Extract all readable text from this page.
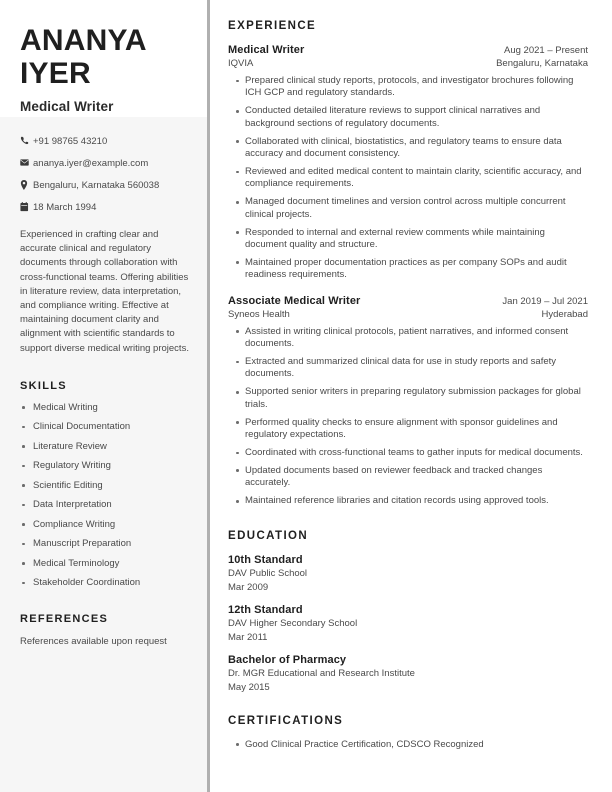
ANANYA
IYER
Medical Writer
+91 98765 43210
ananya.iyer@example.com
Bengaluru, Karnataka 560038
18 March 1994
Experienced in crafting clear and accurate clinical and regulatory documents through collaboration with cross-functional teams. Offering abilities in literature review, data interpretation, and compliance writing. Effective at maintaining document clarity and alignment with scientific standards to support diverse medical writing projects.
SKILLS
Medical Writing
Clinical Documentation
Literature Review
Regulatory Writing
Scientific Editing
Data Interpretation
Compliance Writing
Manuscript Preparation
Medical Terminology
Stakeholder Coordination
REFERENCES
References available upon request
EXPERIENCE
Medical Writer	Aug 2021 – Present
IQVIA	Bengaluru, Karnataka
Prepared clinical study reports, protocols, and investigator brochures following ICH GCP and regulatory standards.
Conducted detailed literature reviews to support clinical narratives and background sections of regulatory documents.
Collaborated with clinical, biostatistics, and regulatory teams to ensure data accuracy and document consistency.
Reviewed and edited medical content to maintain clarity, scientific accuracy, and compliance requirements.
Managed document timelines and version control across multiple concurrent clinical projects.
Responded to internal and external review comments while maintaining document quality and structure.
Maintained proper documentation practices as per company SOPs and audit readiness requirements.
Associate Medical Writer	Jan 2019 – Jul 2021
Syneos Health	Hyderabad
Assisted in writing clinical protocols, patient narratives, and informed consent documents.
Extracted and summarized clinical data for use in study reports and safety documents.
Supported senior writers in preparing regulatory submission packages for global trials.
Performed quality checks to ensure alignment with sponsor guidelines and regulatory expectations.
Coordinated with cross-functional teams to gather inputs for medical documents.
Updated documents based on reviewer feedback and tracked changes accurately.
Maintained reference libraries and citation records using approved tools.
EDUCATION
10th Standard
DAV Public School
Mar 2009
12th Standard
DAV Higher Secondary School
Mar 2011
Bachelor of Pharmacy
Dr. MGR Educational and Research Institute
May 2015
CERTIFICATIONS
Good Clinical Practice Certification, CDSCO Recognized
